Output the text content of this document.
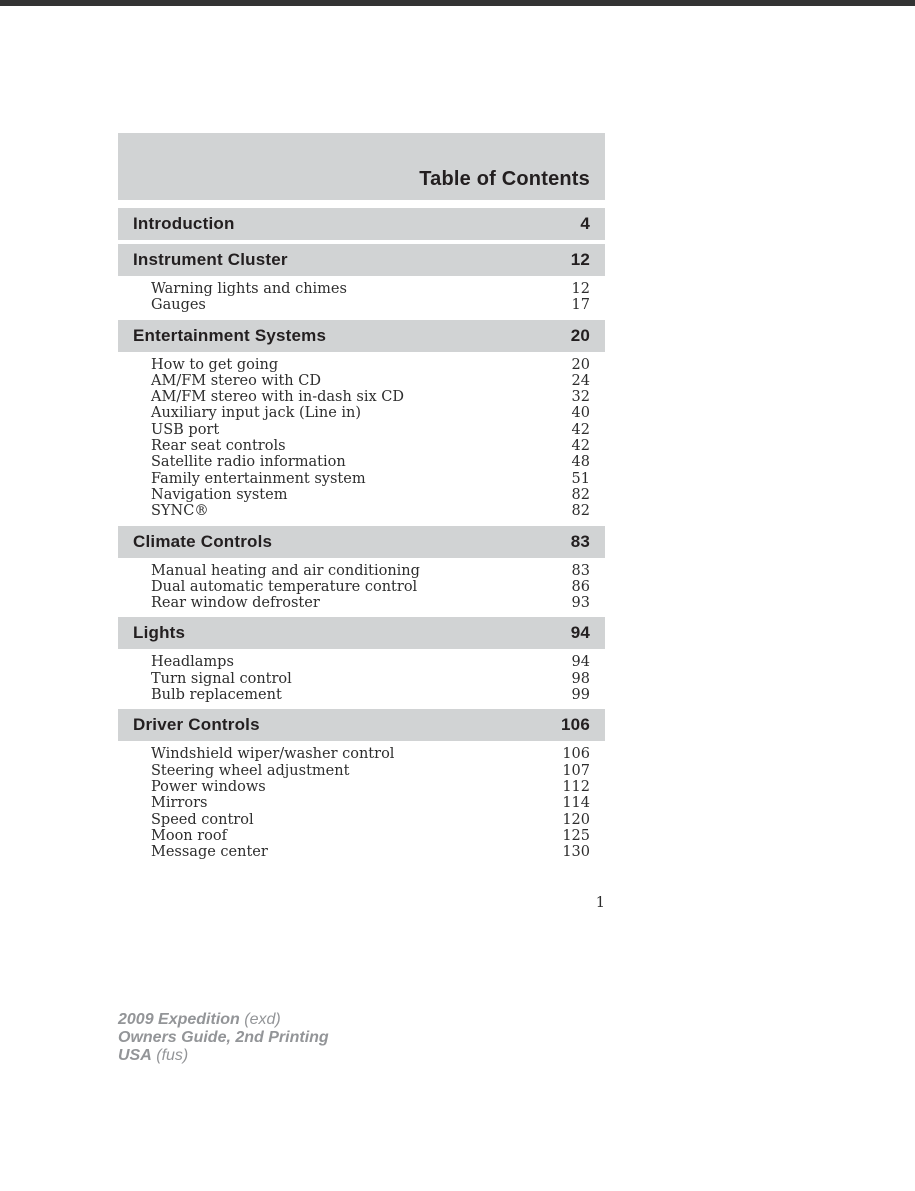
Table of Contents
Introduction	4
Instrument Cluster	12
Warning lights and chimes	12
Gauges	17
Entertainment Systems	20
How to get going	20
AM/FM stereo with CD	24
AM/FM stereo with in-dash six CD	32
Auxiliary input jack (Line in)	40
USB port	42
Rear seat controls	42
Satellite radio information	48
Family entertainment system	51
Navigation system	82
SYNC®	82
Climate Controls	83
Manual heating and air conditioning	83
Dual automatic temperature control	86
Rear window defroster	93
Lights	94
Headlamps	94
Turn signal control	98
Bulb replacement	99
Driver Controls	106
Windshield wiper/washer control	106
Steering wheel adjustment	107
Power windows	112
Mirrors	114
Speed control	120
Moon roof	125
Message center	130
1
2009 Expedition (exd)
Owners Guide, 2nd Printing
USA (fus)
